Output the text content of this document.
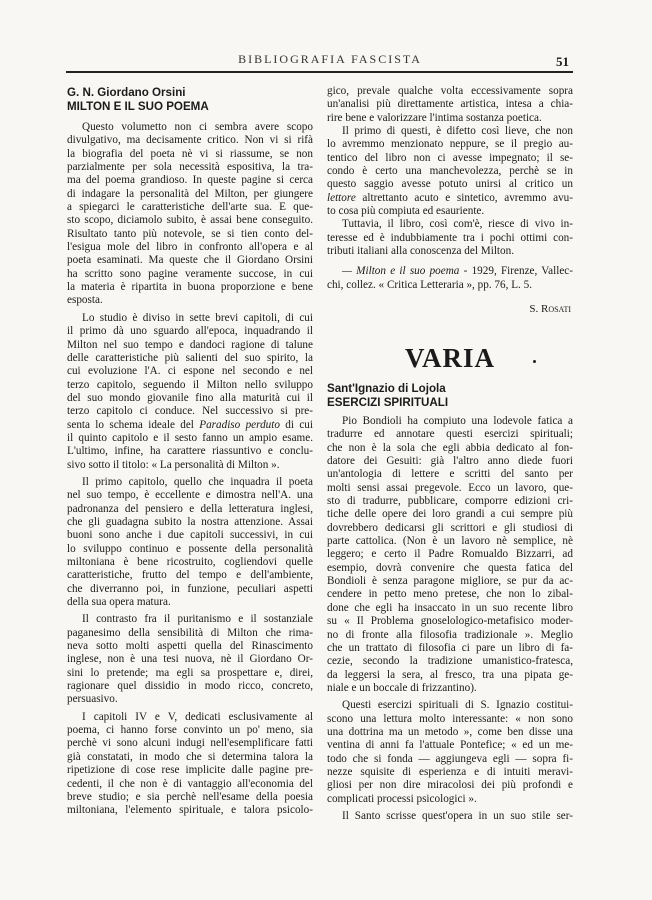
BIBLIOGRAFIA FASCISTA	51
G. N. Giordano Orsini
MILTON E IL SUO POEMA
Questo volumetto non ci sembra avere scopo
divulgativo, ma decisamente critico. Non vi si rifà
la biografia del poeta nè vi si riassume, se non
parzialmente per sola necessità espositiva, la tra-
ma del poema grandioso. In queste pagine si cerca
di indagare la personalità del Milton, per giungere
a spiegarci le caratteristiche dell'arte sua. E que-
sto scopo, diciamolo subito, è assai bene conseguito.
Risultato tanto più notevole, se si tien conto del-
l'esigua mole del libro in confronto all'opera e al
poeta esaminati. Ma queste che il Giordano Orsini
ha scritto sono pagine veramente succose, in cui
la materia è ripartita in buona proporzione e bene
esposta.
Lo studio è diviso in sette brevi capitoli, di cui
il primo dà uno sguardo all'epoca, inquadrando il
Milton nel suo tempo e dandoci ragione di talune
delle caratteristiche più salienti del suo spirito, la
cui evoluzione l'A. ci espone nel secondo e nel
terzo capitolo, seguendo il Milton nello sviluppo
del suo mondo giovanile fino alla maturità cui il
terzo capitolo ci conduce. Nel successivo si pre-
senta lo schema ideale del Paradiso perduto di cui
il quinto capitolo e il sesto fanno un ampio esame.
L'ultimo, infine, ha carattere riassuntivo e conclu-
sivo sotto il titolo: « La personalità di Milton ».
Il primo capitolo, quello che inquadra il poeta
nel suo tempo, è eccellente e dimostra nell'A. una
padronanza del pensiero e della letteratura inglesi,
che gli guadagna subito la nostra attenzione. Assai
buoni sono anche i due capitoli successivi, in cui
lo sviluppo continuo e possente della personalità
miltoniana è bene ricostruito, cogliendovi quelle
caratteristiche, frutto del tempo e dell'ambiente,
che diverranno poi, in funzione, peculiari aspetti
della sua opera matura.
Il contrasto fra il puritanismo e il sostanziale
paganesimo della sensibilità di Milton che rima-
neva sotto molti aspetti quella del Rinascimento
inglese, non è una tesi nuova, nè il Giordano Or-
sini lo pretende; ma egli sa prospettare e, direi,
ragionare quel dissidio in modo ricco, concreto,
persuasivo.
I capitoli IV e V, dedicati esclusivamente al
poema, ci hanno forse convinto un po' meno, sia
perchè vi sono alcuni indugi nell'esemplificare fatti
già constatati, in modo che si determina talora la
ripetizione di cose rese implicite dalle pagine pre-
cedenti, il che non è di vantaggio all'economia del
breve studio; e sia perchè nell'esame della poesia
miltoniana, l'elemento spirituale, e talora psicolo-
gico, prevale qualche volta eccessivamente sopra
un'analisi più direttamente artistica, intesa a chia-
rire bene e valorizzare l'intima sostanza poetica.
Il primo di questi, è difetto così lieve, che non
lo avremmo menzionato neppure, se il pregio au-
tentico del libro non ci avesse impegnato; il se-
condo è certo una manchevolezza, perchè se in
questo saggio avesse potuto unirsi al critico un
lettore altrettanto acuto e sintetico, avremmo avu-
to cosa più compiuta ed esauriente.
Tuttavia, il libro, così com'è, riesce di vivo in-
teresse ed è indubbiamente tra i pochi ottimi con-
tributi italiani alla conoscenza del Milton.
— Milton e il suo poema - 1929, Firenze, Vallec-
chi, collez. « Critica Letteraria », pp. 76, L. 5.
S. Rosati
VARIA
Sant'Ignazio di Lojola
ESERCIZI SPIRITUALI
Pio Bondioli ha compiuto una lodevole fatica a
tradurre ed annotare questi esercizi spirituali;
che non è la sola che egli abbia dedicato al fon-
datore dei Gesuiti: già l'altro anno diede fuori
un'antologia di lettere e scritti del santo per
molti sensi assai pregevole. Ecco un lavoro, que-
sto di tradurre, pubblicare, comporre edizioni cri-
tiche delle opere dei loro grandi a cui sempre più
dovrebbero dedicarsi gli scrittori e gli studiosi di
parte cattolica. (Non è un lavoro nè semplice, nè
leggero; e certo il Padre Romualdo Bizzarri, ad
esempio, dovrà convenire che questa fatica del
Bondioli è senza paragone migliore, se pur da ac-
cendere in petto meno pretese, che non lo zibal-
done che egli ha insaccato in un suo recente libro
su « Il Problema gnoselologico-metafisico moder-
no di fronte alla filosofia tradizionale ». Meglio
che un trattato di filosofia ci pare un libro di fa-
cezie, secondo la tradizione umanistico-fratesca,
da leggersi la sera, al fresco, tra una pipata ge-
niale e un boccale di frizzantino).
Questi esercizi spirituali di S. Ignazio costitui-
scono una lettura molto interessante: « non sono
una dottrina ma un metodo », come ben disse una
ventina di anni fa l'attuale Pontefice; « ed un me-
todo che si fonda — aggiungeva egli — sopra fi-
nezze squisite di esperienza e di intuiti meravi-
gliosi per non dire miracolosi dei più profondi e
complicati processi psicologici ».
Il Santo scrisse quest'opera in un suo stile ser-
